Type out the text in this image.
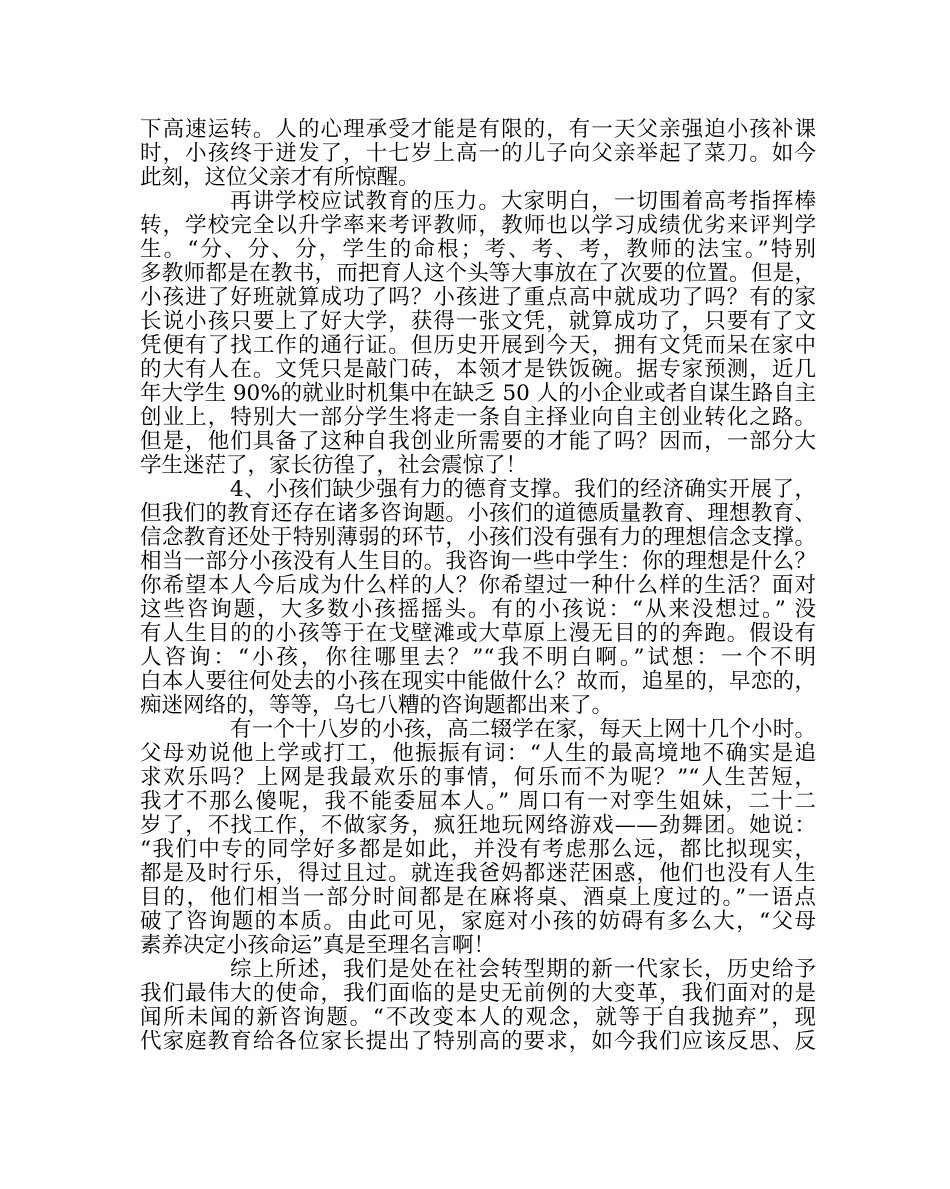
下高速运转。人的心理承受才能是有限的，有一天父亲强迫小孩补课
时，小孩终于迸发了，十七岁上高一的儿子向父亲举起了菜刀。如今
此刻，这位父亲才有所惊醒。
再讲学校应试教育的压力。大家明白，一切围着高考指挥棒
转，学校完全以升学率来考评教师，教师也以学习成绩优劣来评判学
生。“分、分、分，学生的命根；考、考、考，教师的法宝。”特别
多教师都是在教书，而把育人这个头等大事放在了次要的位置。但是，
小孩进了好班就算成功了吗？小孩进了重点高中就成功了吗？有的家
长说小孩只要上了好大学，获得一张文凭，就算成功了，只要有了文
凭便有了找工作的通行证。但历史开展到今天，拥有文凭而呆在家中
的大有人在。文凭只是敲门砖，本领才是铁饭碗。据专家预测，近几
年大学生 90%的就业时机集中在缺乏 50 人的小企业或者自谋生路自主
创业上，特别大一部分学生将走一条自主择业向自主创业转化之路。
但是，他们具备了这种自我创业所需要的才能了吗？因而，一部分大
学生迷茫了，家长彷徨了，社会震惊了！
4、小孩们缺少强有力的德育支撑。我们的经济确实开展了，
但我们的教育还存在诸多咨询题。小孩们的道德质量教育、理想教育、
信念教育还处于特别薄弱的环节，小孩们没有强有力的理想信念支撑。
相当一部分小孩没有人生目的。我咨询一些中学生：你的理想是什么？
你希望本人今后成为什么样的人？你希望过一种什么样的生活？面对
这些咨询题，大多数小孩摇摇头。有的小孩说：“从来没想过。” 没
有人生目的的小孩等于在戈壁滩或大草原上漫无目的的奔跑。假设有
人咨询：“小孩，你往哪里去？”“我不明白啊。”试想：一个不明
白本人要往何处去的小孩在现实中能做什么？故而，追星的，早恋的，
痴迷网络的，等等，乌七八糟的咨询题都出来了。
有一个十八岁的小孩，高二辍学在家，每天上网十几个小时。
父母劝说他上学或打工，他振振有词：“人生的最高境地不确实是追
求欢乐吗？上网是我最欢乐的事情，何乐而不为呢？”“人生苦短，
我才不那么傻呢，我不能委屈本人。” 周口有一对孪生姐妹，二十二
岁了，不找工作，不做家务，疯狂地玩网络游戏——劲舞团。她说：
“我们中专的同学好多都是如此，并没有考虑那么远，都比拟现实，
都是及时行乐，得过且过。就连我爸妈都迷茫困惑，他们也没有人生
目的，他们相当一部分时间都是在麻将桌、酒桌上度过的。”一语点
破了咨询题的本质。由此可见，家庭对小孩的妨碍有多么大，“父母
素养决定小孩命运”真是至理名言啊！
综上所述，我们是处在社会转型期的新一代家长，历史给予
我们最伟大的使命，我们面临的是史无前例的大变革，我们面对的是
闻所未闻的新咨询题。“不改变本人的观念，就等于自我抛弃”，现
代家庭教育给各位家长提出了特别高的要求，如今我们应该反思、反
